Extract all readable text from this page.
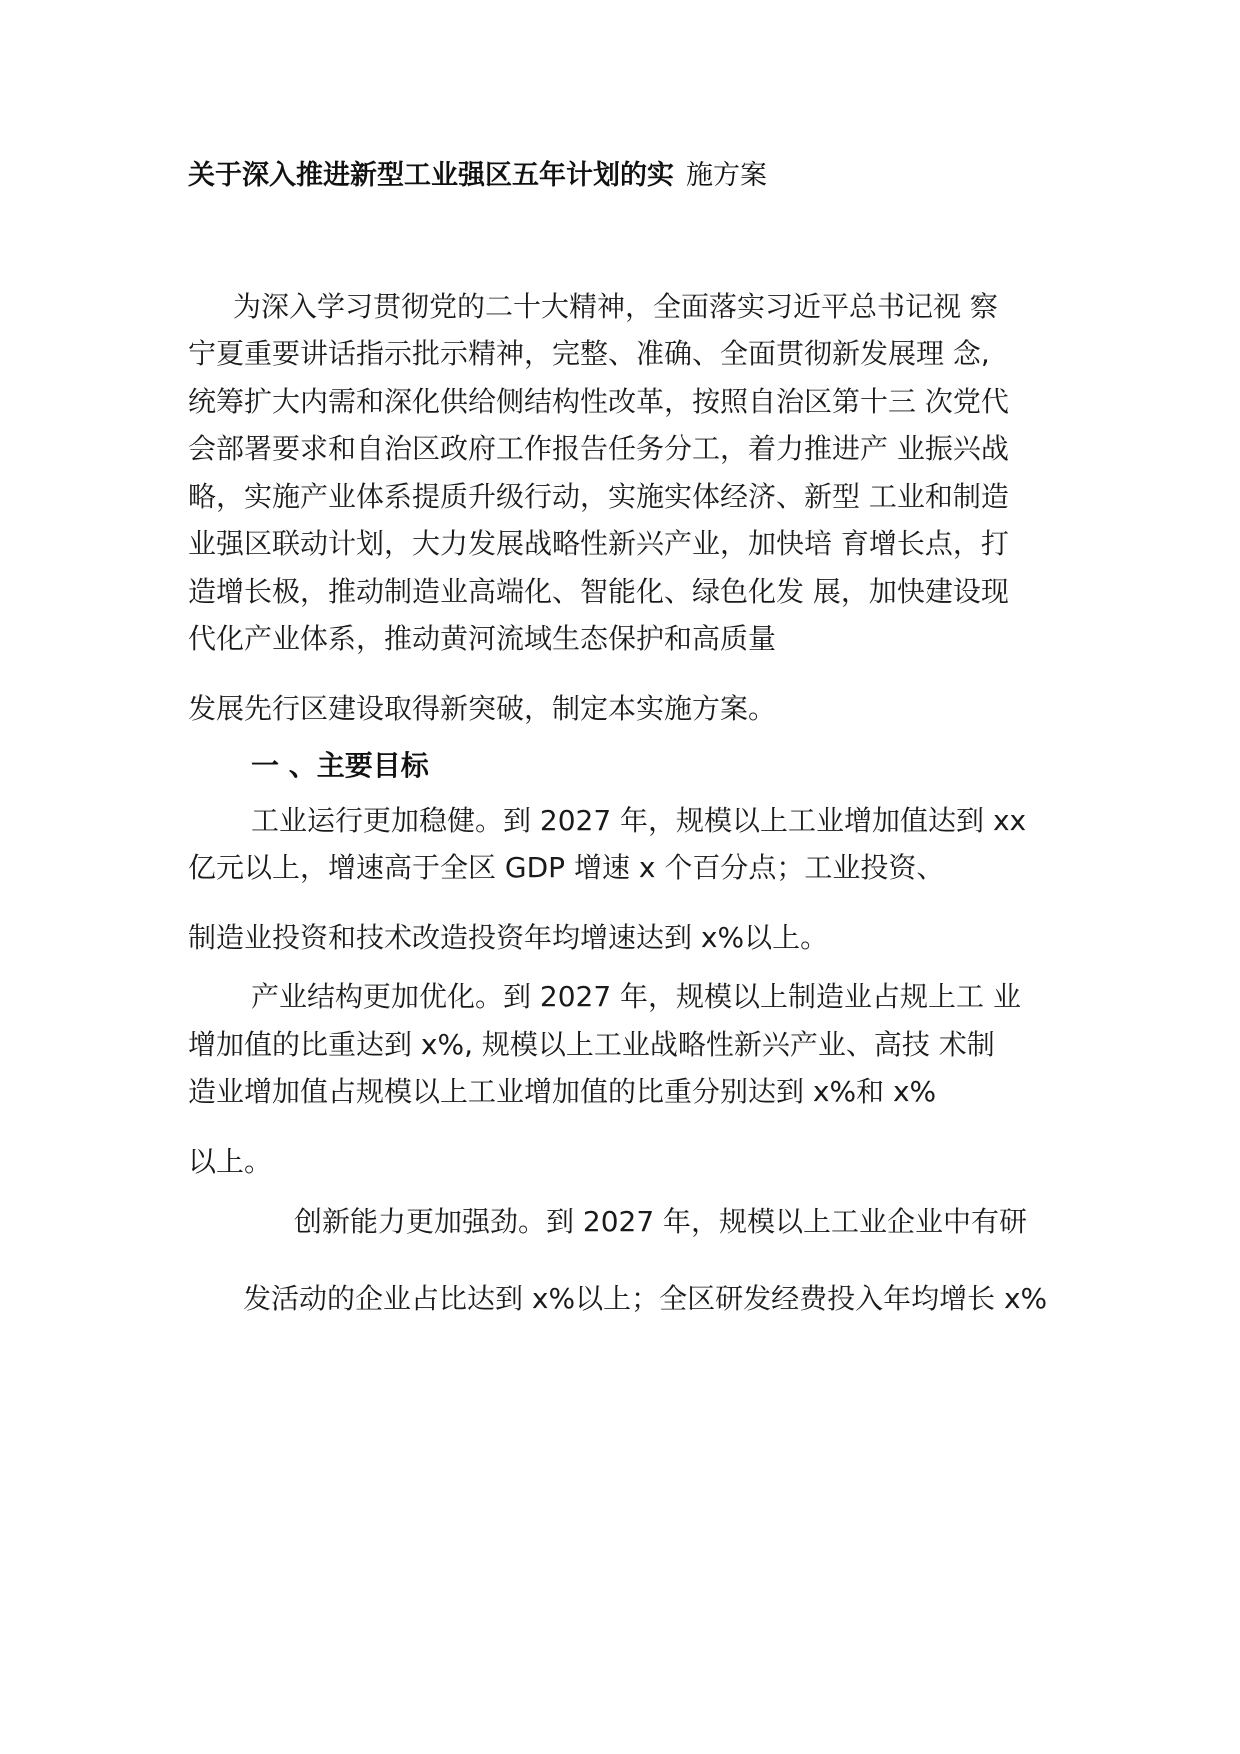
关于深入推进新型工业强区五年计划的实 施方案
为深入学习贯彻党的二十大精神，全面落实习近平总书记视 察
宁夏重要讲话指示批示精神，完整、准确、全面贯彻新发展理 念,
统筹扩大内需和深化供给侧结构性改革，按照自治区第十三 次党代
会部署要求和自治区政府工作报告任务分工，着力推进产 业振兴战
略，实施产业体系提质升级行动，实施实体经济、新型 工业和制造
业强区联动计划，大力发展战略性新兴产业，加快培 育增长点，打
造增长极，推动制造业高端化、智能化、绿色化发 展，加快建设现
代化产业体系，推动黄河流域生态保护和高质量
发展先行区建设取得新突破，制定本实施方案。
一 、主要目标
工业运行更加稳健。到 2027 年，规模以上工业增加值达到 xx
亿元以上，增速高于全区 GDP 增速 x 个百分点；工业投资、
制造业投资和技术改造投资年均增速达到 x%以上。
产业结构更加优化。到 2027 年，规模以上制造业占规上工 业
增加值的比重达到 x%, 规模以上工业战略性新兴产业、高技 术制
造业增加值占规模以上工业增加值的比重分别达到 x%和 x%
以上。
创新能力更加强劲。到 2027 年，规模以上工业企业中有研
发活动的企业占比达到 x%以上；全区研发经费投入年均增长 x%
